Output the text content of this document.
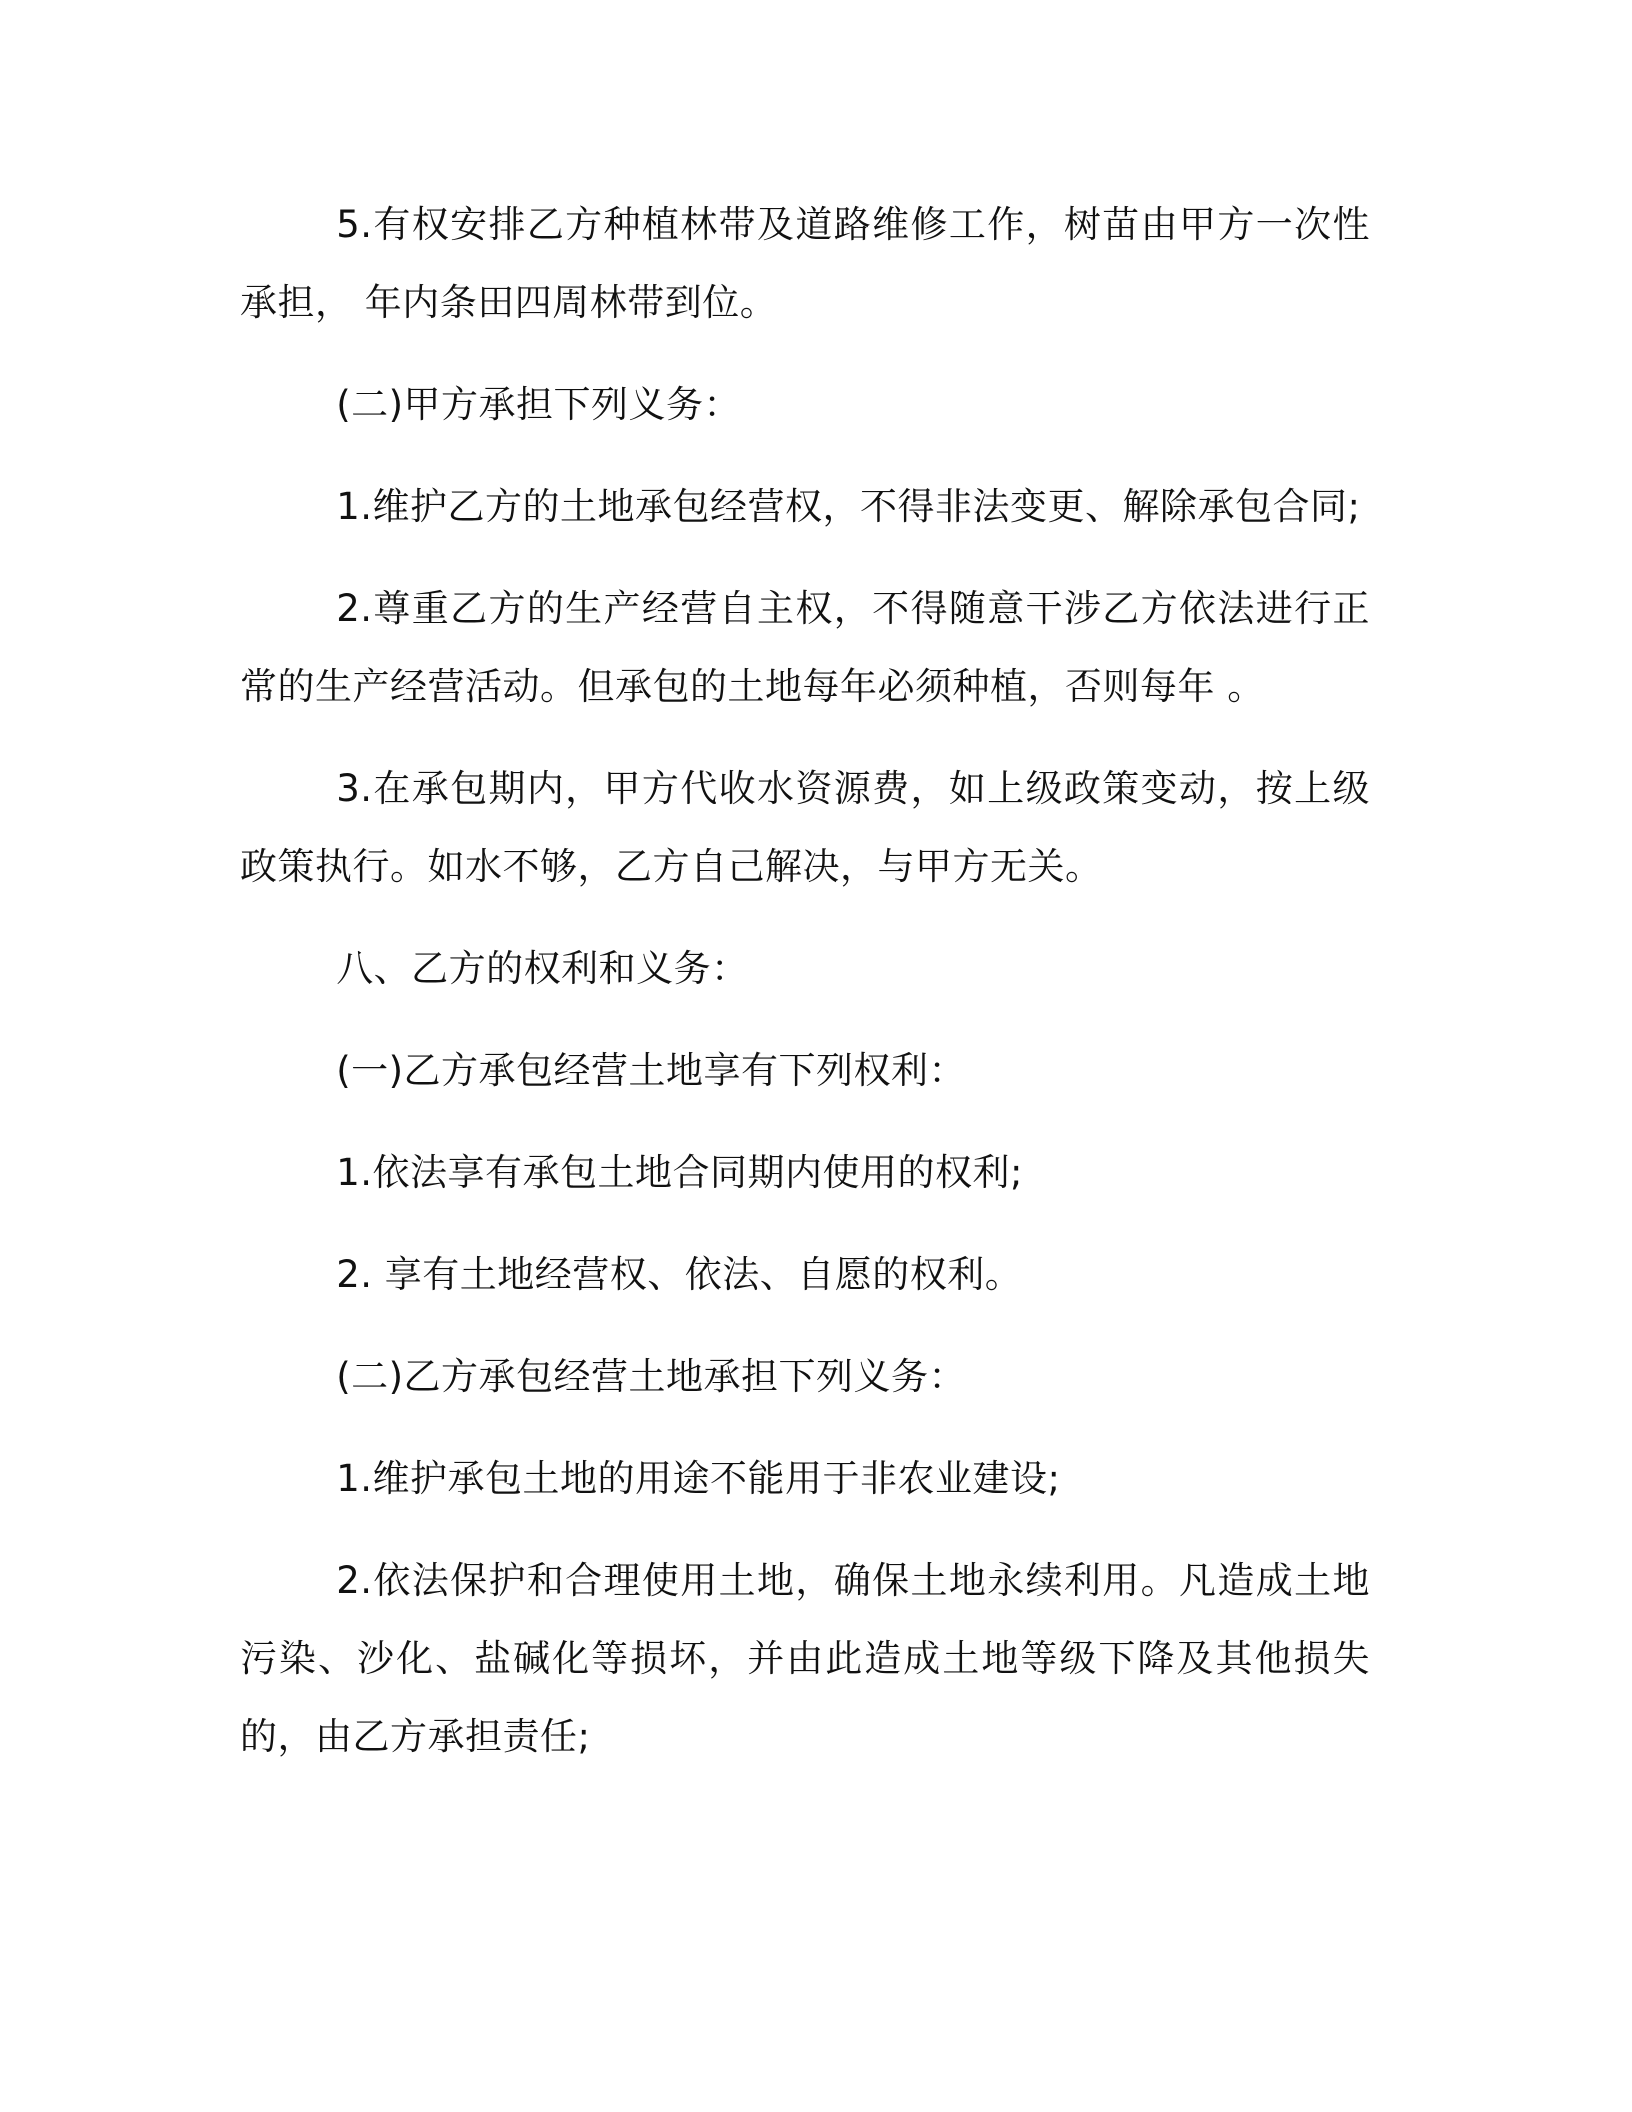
5.有权安排乙方种植林带及道路维修工作，树苗由甲方一次性承担， 年内条田四周林带到位。

(二)甲方承担下列义务：

1.维护乙方的土地承包经营权，不得非法变更、解除承包合同;

2.尊重乙方的生产经营自主权，不得随意干涉乙方依法进行正常的生产经营活动。但承包的土地每年必须种植，否则每年 。

3.在承包期内，甲方代收水资源费，如上级政策变动，按上级政策执行。如水不够，乙方自己解决，与甲方无关。

八、乙方的权利和义务：

(一)乙方承包经营土地享有下列权利：

1.依法享有承包土地合同期内使用的权利;

2. 享有土地经营权、依法、自愿的权利。

(二)乙方承包经营土地承担下列义务：

1.维护承包土地的用途不能用于非农业建设;

2.依法保护和合理使用土地，确保土地永续利用。凡造成土地污染、沙化、盐碱化等损坏，并由此造成土地等级下降及其他损失的，由乙方承担责任;
